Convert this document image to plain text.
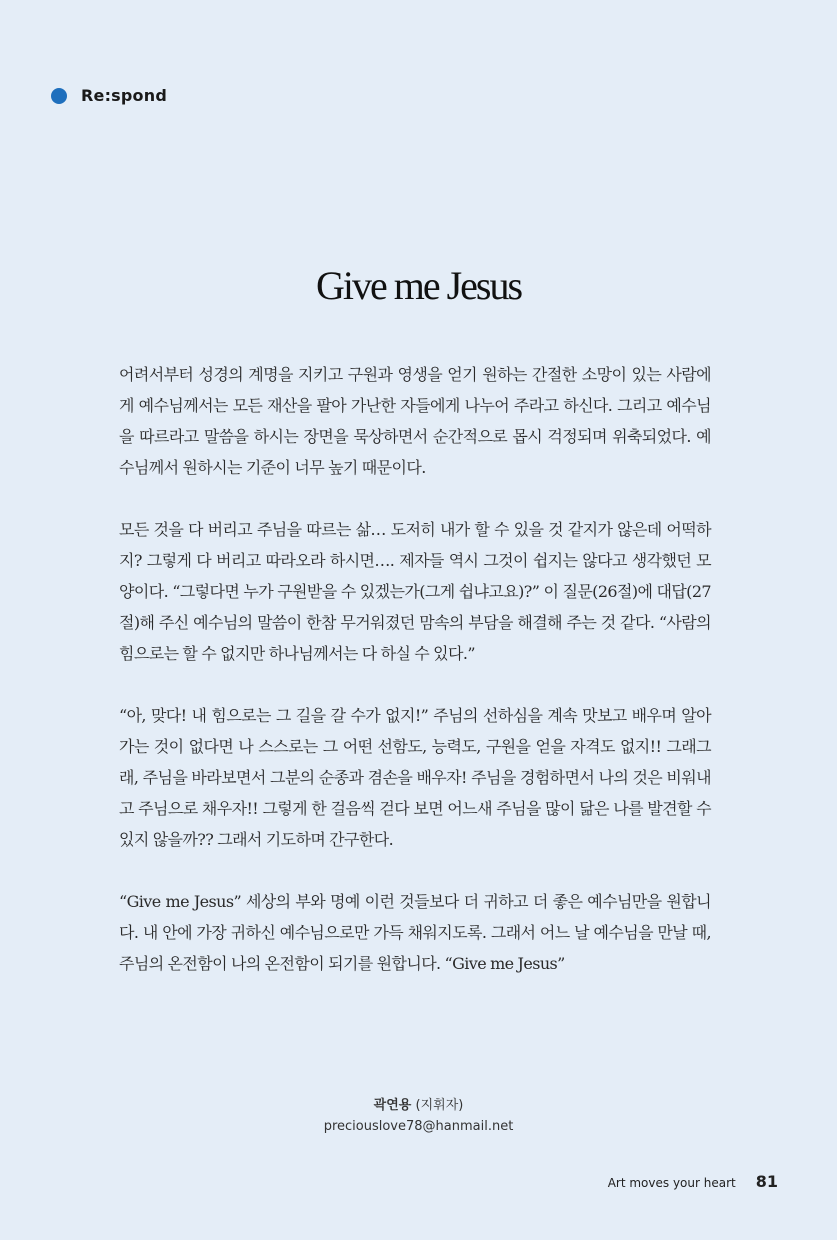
Re:spond
Give me Jesus

어려서부터 성경의 계명을 지키고 구원과 영생을 얻기 원하는 간절한 소망이 있는 사람에게 예수님께서는 모든 재산을 팔아 가난한 자들에게 나누어 주라고 하신다. 그리고 예수님을 따르라고 말씀을 하시는 장면을 묵상하면서 순간적으로 몹시 걱정되며 위축되었다. 예수님께서 원하시는 기준이 너무 높기 때문이다.

모든 것을 다 버리고 주님을 따르는 삶… 도저히 내가 할 수 있을 것 같지가 않은데 어떡하지? 그렇게 다 버리고 따라오라 하시면…. 제자들 역시 그것이 쉽지는 않다고 생각했던 모양이다. “그렇다면 누가 구원받을 수 있겠는가(그게 쉽냐고요)?” 이 질문(26절)에 대답(27절)해 주신 예수님의 말씀이 한참 무거워졌던 맘속의 부담을 해결해 주는 것 같다. “사람의 힘으로는 할 수 없지만 하나님께서는 다 하실 수 있다.”

“아, 맞다! 내 힘으로는 그 길을 갈 수가 없지!” 주님의 선하심을 계속 맛보고 배우며 알아가는 것이 없다면 나 스스로는 그 어떤 선함도, 능력도, 구원을 얻을 자격도 없지!! 그래그래, 주님을 바라보면서 그분의 순종과 겸손을 배우자! 주님을 경험하면서 나의 것은 비워내고 주님으로 채우자!! 그렇게 한 걸음씩 걷다 보면 어느새 주님을 많이 닮은 나를 발견할 수 있지 않을까?? 그래서 기도하며 간구한다.

“Give me Jesus” 세상의 부와 명예 이런 것들보다 더 귀하고 더 좋은 예수님만을 원합니다. 내 안에 가장 귀하신 예수님으로만 가득 채워지도록. 그래서 어느 날 예수님을 만날 때, 주님의 온전함이 나의 온전함이 되기를 원합니다. “Give me Jesus”

곽연용 (지휘자)
preciouslove78@hanmail.net
Art moves your heart 81
